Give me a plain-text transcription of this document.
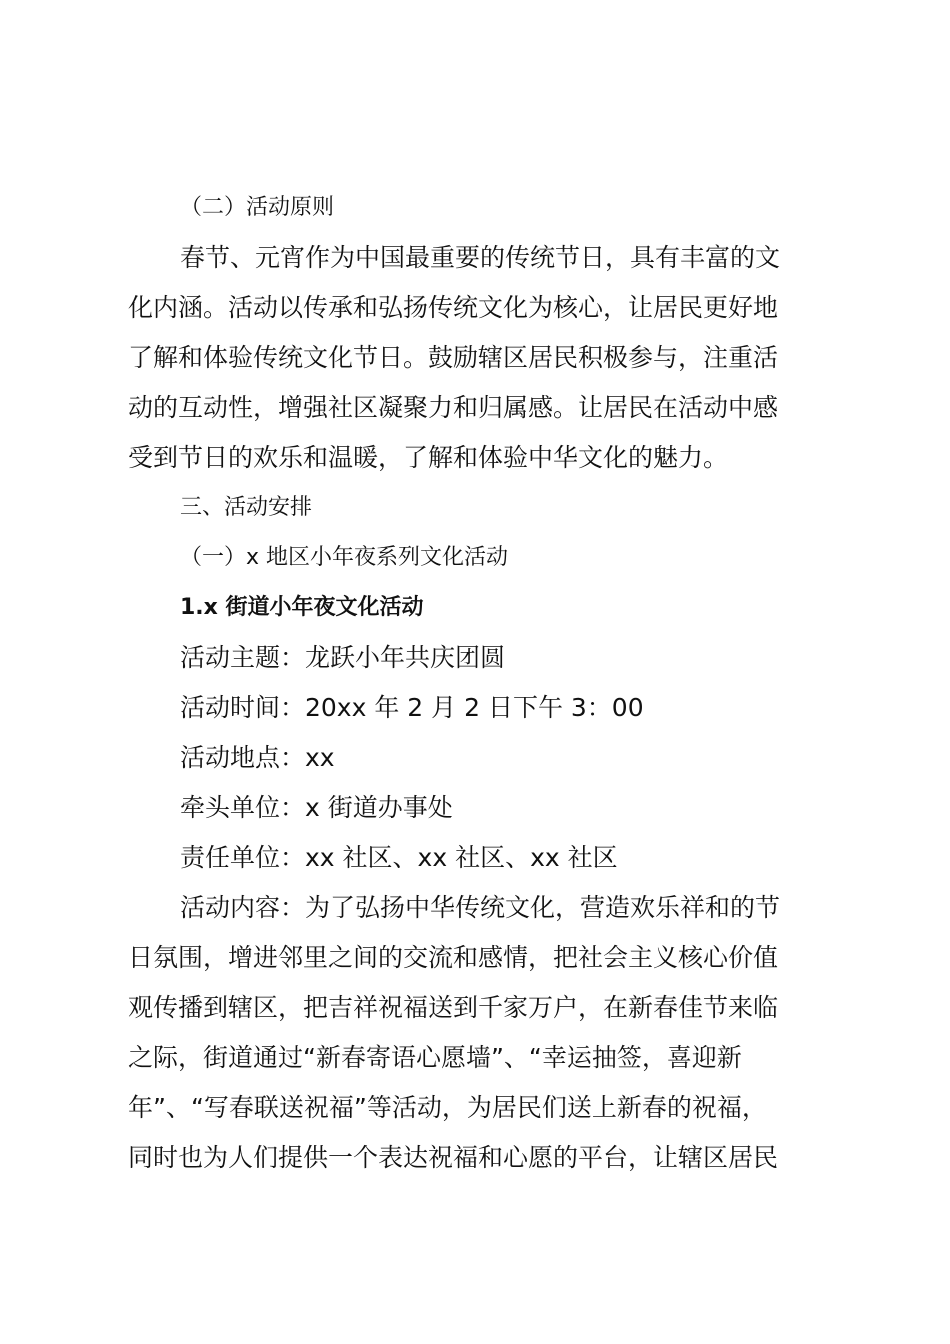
（二）活动原则
春节、元宵作为中国最重要的传统节日，具有丰富的文
化内涵。活动以传承和弘扬传统文化为核心，让居民更好地
了解和体验传统文化节日。鼓励辖区居民积极参与，注重活
动的互动性，增强社区凝聚力和归属感。让居民在活动中感
受到节日的欢乐和温暖，了解和体验中华文化的魅力。
三、活动安排
（一）x 地区小年夜系列文化活动
1.x 街道小年夜文化活动
活动主题：龙跃小年共庆团圆
活动时间：20xx 年 2 月 2 日下午 3：00
活动地点：xx
牵头单位：x 街道办事处
责任单位：xx 社区、xx 社区、xx 社区
活动内容：为了弘扬中华传统文化，营造欢乐祥和的节
日氛围，增进邻里之间的交流和感情，把社会主义核心价值
观传播到辖区，把吉祥祝福送到千家万户，在新春佳节来临
之际，街道通过“新春寄语心愿墙”、“幸运抽签，喜迎新
年”、“写春联送祝福”等活动，为居民们送上新春的祝福，
同时也为人们提供一个表达祝福和心愿的平台，让辖区居民
